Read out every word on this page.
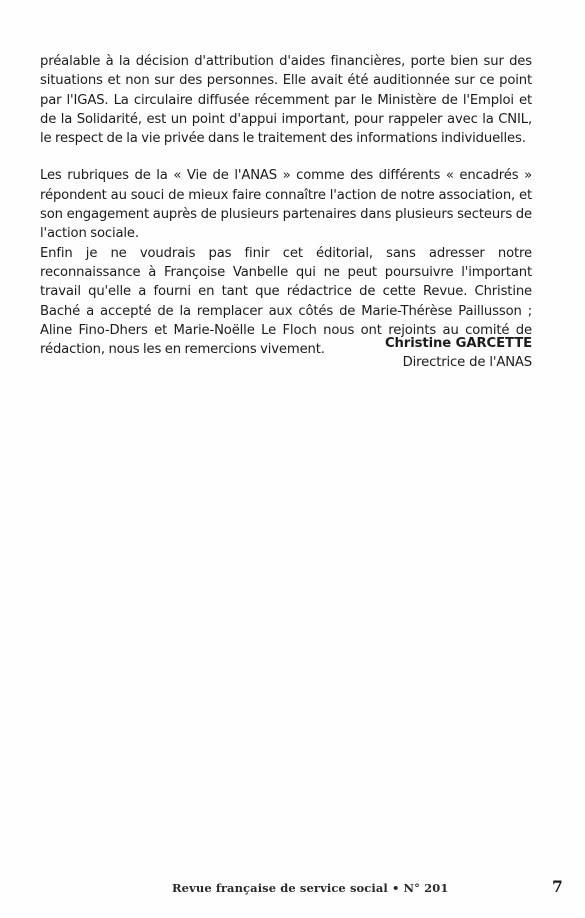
préalable à la décision d'attribution d'aides financières, porte bien sur des situations et non sur des personnes. Elle avait été auditionnée sur ce point par l'IGAS. La circulaire diffusée récemment par le Ministère de l'Emploi et de la Solidarité, est un point d'appui important, pour rappeler avec la CNIL, le respect de la vie privée dans le traitement des informations individuelles.

Les rubriques de la « Vie de l'ANAS » comme des différents « encadrés » répondent au souci de mieux faire connaître l'action de notre association, et son engagement auprès de plusieurs partenaires dans plusieurs secteurs de l'action sociale.

Enfin je ne voudrais pas finir cet éditorial, sans adresser notre reconnaissance à Françoise Vanbelle qui ne peut poursuivre l'important travail qu'elle a fourni en tant que rédactrice de cette Revue. Christine Baché a accepté de la remplacer aux côtés de Marie-Thérèse Paillusson ; Aline Fino-Dhers et Marie-Noëlle Le Floch nous ont rejoints au comité de rédaction, nous les en remercions vivement.	Christine GARCETTE
Directrice de l'ANAS
Revue française de service social • N° 201	7
